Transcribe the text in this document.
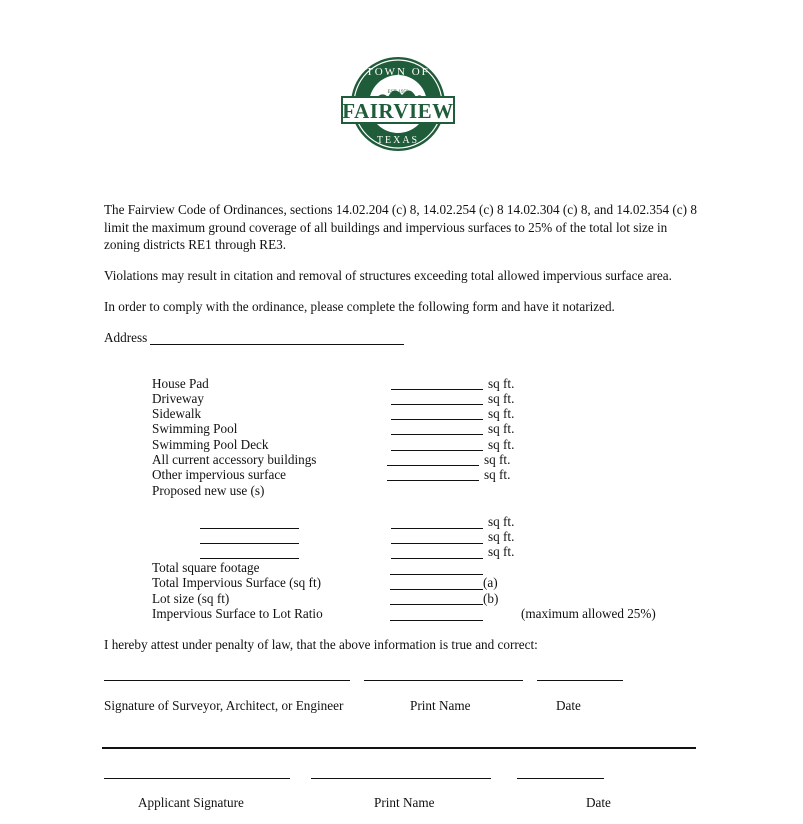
FAIRVIEW
TOWN OF
TEXAS
EST. 1958
The Fairview Code of Ordinances, sections 14.02.204 (c) 8, 14.02.254 (c) 8 14.02.304 (c) 8, and 14.02.354 (c) 8 limit the maximum ground coverage of all buildings and impervious surfaces to 25% of the total lot size in zoning districts RE1 through RE3.
Violations may result in citation and removal of structures exceeding total allowed impervious surface area.
In order to comply with the ordinance, please complete the following form and have it notarized.
Address
House Pad	sq ft.
Driveway	sq ft.
Sidewalk	sq ft.
Swimming Pool	sq ft.
Swimming Pool Deck	sq ft.
All current accessory buildings	sq ft.
Other impervious surface	sq ft.
Proposed new use (s)
sq ft.
sq ft.
sq ft.
Total square footage
Total Impervious Surface (sq ft)	(a)
Lot size (sq ft)	(b)
Impervious Surface to Lot Ratio	(maximum allowed 25%)
I hereby attest under penalty of law, that the above information is true and correct:
Signature of Surveyor, Architect, or Engineer	Print Name	Date
Applicant Signature	Print Name	Date
